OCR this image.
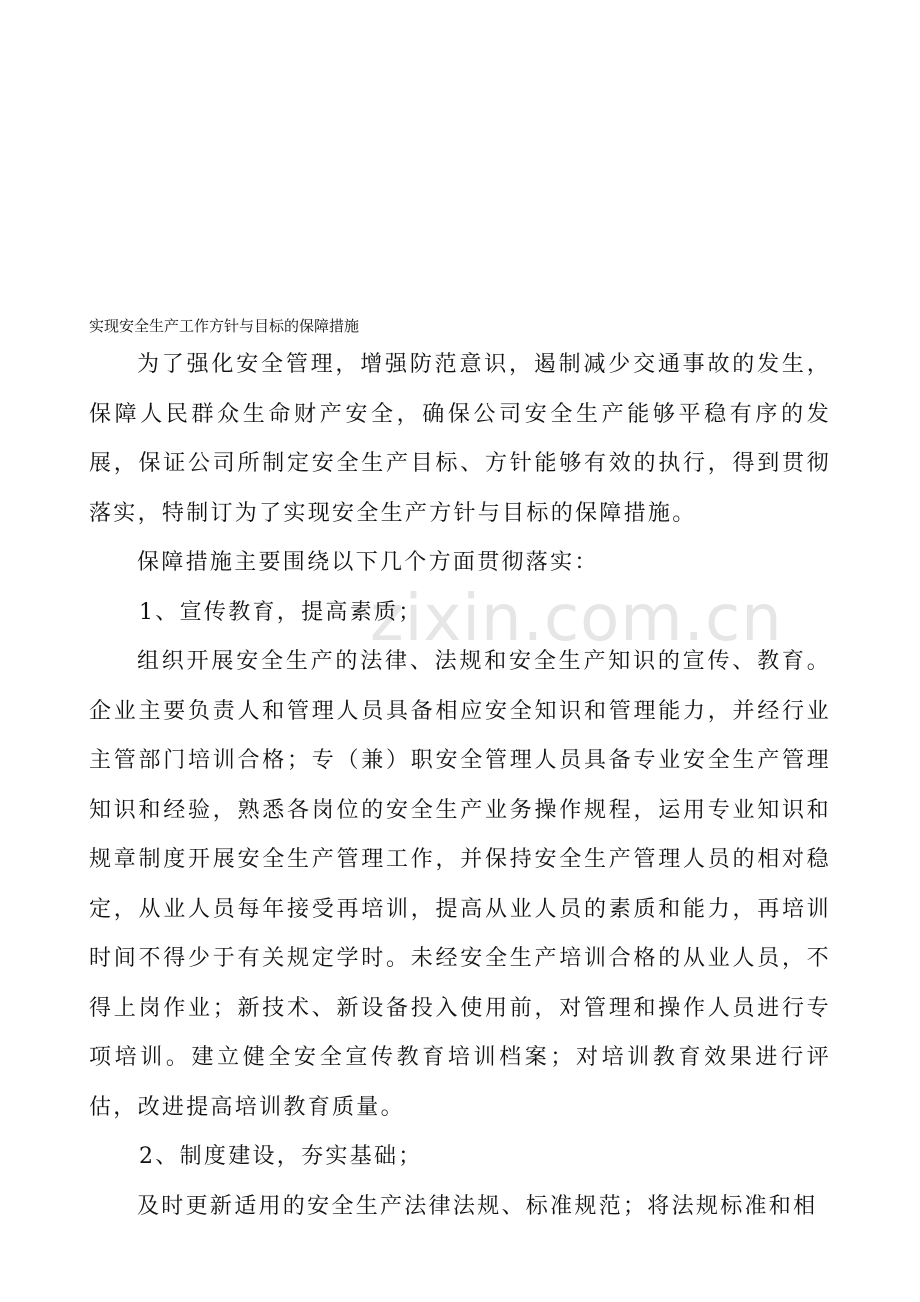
zixin.com.cn
实现安全生产工作方针与目标的保障措施

为了强化安全管理，增强防范意识，遏制减少交通事故的发生，保障人民群众生命财产安全，确保公司安全生产能够平稳有序的发展，保证公司所制定安全生产目标、方针能够有效的执行，得到贯彻落实，特制订为了实现安全生产方针与目标的保障措施。

保障措施主要围绕以下几个方面贯彻落实：

1、宣传教育，提高素质；

组织开展安全生产的法律、法规和安全生产知识的宣传、教育。企业主要负责人和管理人员具备相应安全知识和管理能力，并经行业主管部门培训合格；专（兼）职安全管理人员具备专业安全生产管理知识和经验，熟悉各岗位的安全生产业务操作规程，运用专业知识和规章制度开展安全生产管理工作，并保持安全生产管理人员的相对稳定，从业人员每年接受再培训，提高从业人员的素质和能力，再培训时间不得少于有关规定学时。未经安全生产培训合格的从业人员，不得上岗作业；新技术、新设备投入使用前，对管理和操作人员进行专项培训。建立健全安全宣传教育培训档案；对培训教育效果进行评估，改进提高培训教育质量。

2、制度建设，夯实基础；

及时更新适用的安全生产法律法规、标准规范；将法规标准和相
